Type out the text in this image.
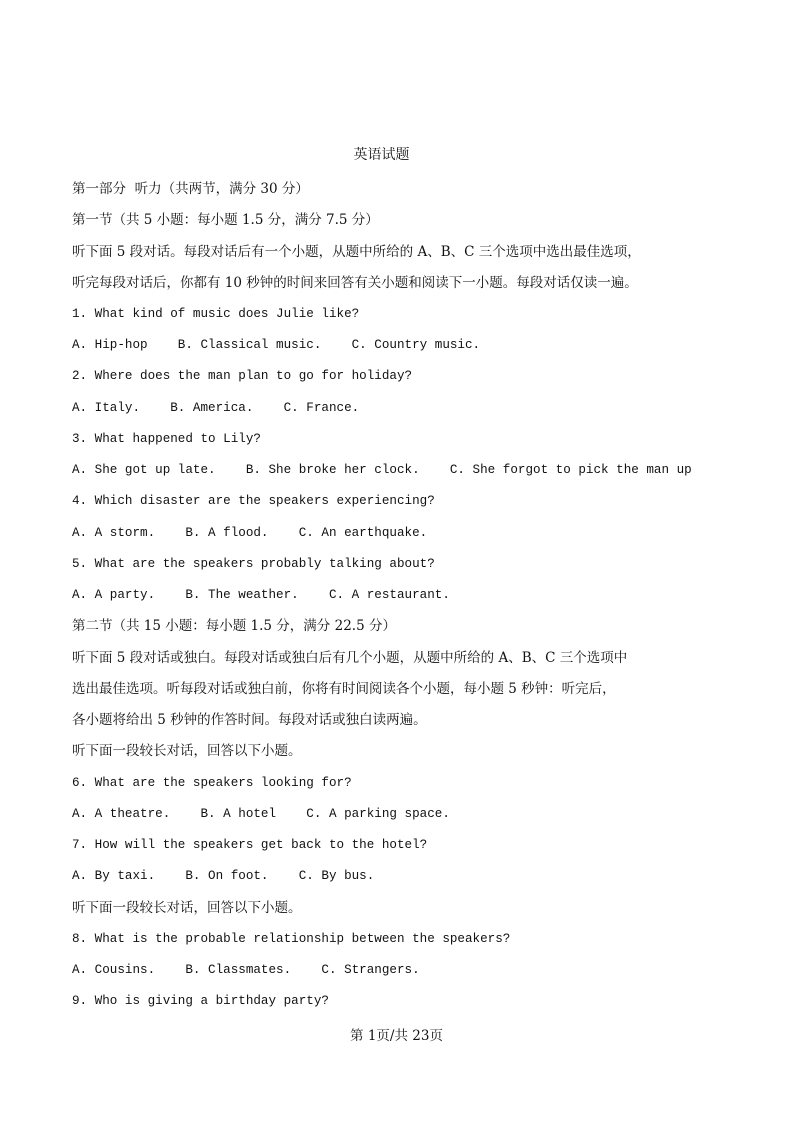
英语试题
第一部分  听力（共两节，满分 30 分）
第一节（共 5 小题：每小题 1.5 分，满分 7.5 分）
听下面 5 段对话。每段对话后有一个小题，从题中所给的 A、B、C 三个选项中选出最佳选项，
听完每段对话后，你都有 10 秒钟的时间来回答有关小题和阅读下一小题。每段对话仅读一遍。
1. What kind of music does Julie like?
A. Hip-hop    B. Classical music.    C. Country music.
2. Where does the man plan to go for holiday?
A. Italy.    B. America.    C. France.
3. What happened to Lily?
A. She got up late.    B. She broke her clock.    C. She forgot to pick the man up
4. Which disaster are the speakers experiencing?
A. A storm.    B. A flood.    C. An earthquake.
5. What are the speakers probably talking about?
A. A party.    B. The weather.    C. A restaurant.
第二节（共 15 小题：每小题 1.5 分，满分 22.5 分）
听下面 5 段对话或独白。每段对话或独白后有几个小题，从题中所给的 A、B、C 三个选项中
选出最佳选项。听每段对话或独白前，你将有时间阅读各个小题，每小题 5 秒钟：听完后，
各小题将给出 5 秒钟的作答时间。每段对话或独白读两遍。
听下面一段较长对话，回答以下小题。
6. What are the speakers looking for?
A. A theatre.    B. A hotel    C. A parking space.
7. How will the speakers get back to the hotel?
A. By taxi.    B. On foot.    C. By bus.
听下面一段较长对话，回答以下小题。
8. What is the probable relationship between the speakers?
A. Cousins.    B. Classmates.    C. Strangers.
9. Who is giving a birthday party?
第 1页/共 23页
